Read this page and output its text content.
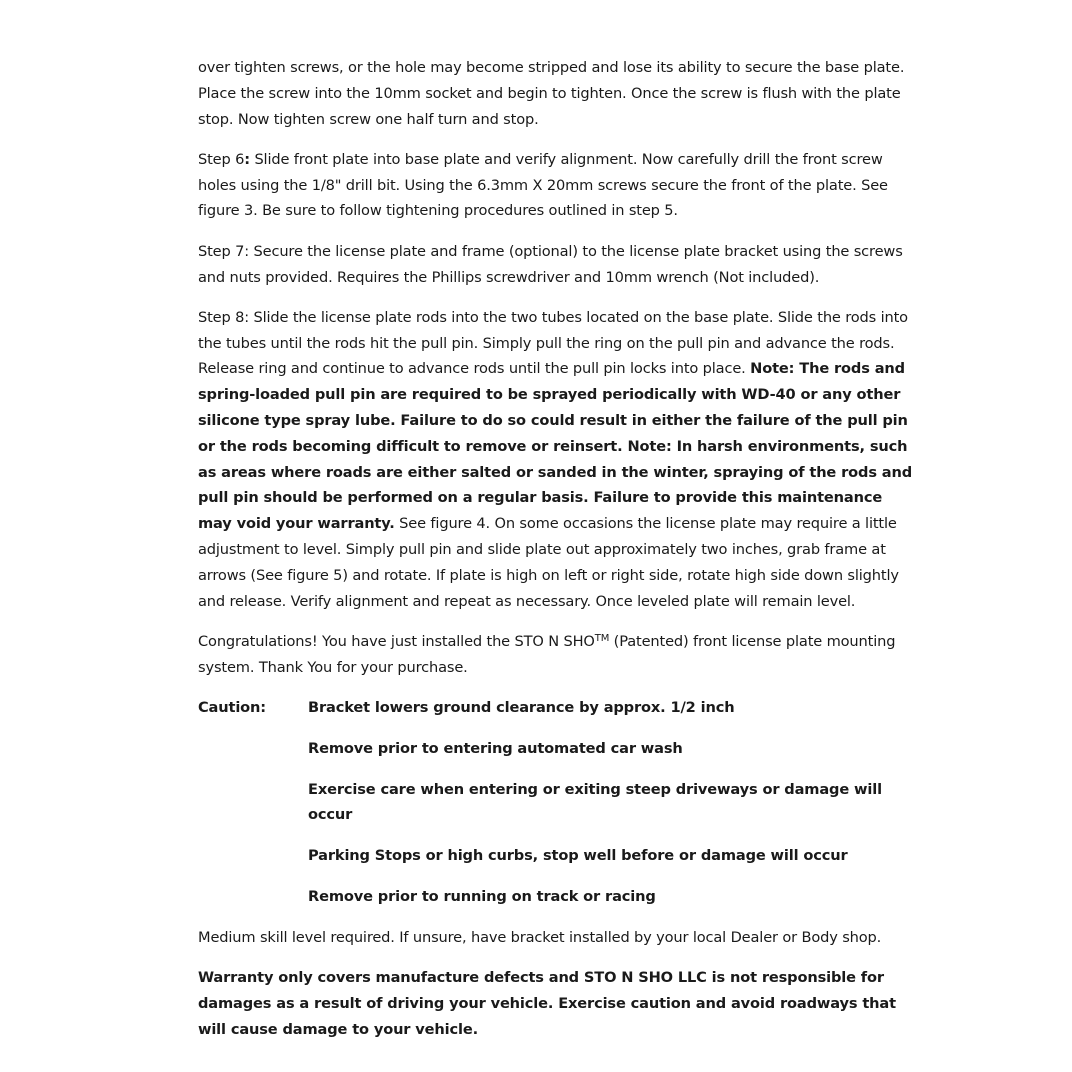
over tighten screws, or the hole may become stripped and lose its ability to secure the base plate. Place the screw into the 10mm socket and begin to tighten. Once the screw is flush with the plate stop. Now tighten screw one half turn and stop.

Step 6: Slide front plate into base plate and verify alignment. Now carefully drill the front screw holes using the 1/8" drill bit. Using the 6.3mm X 20mm screws secure the front of the plate. See figure 3. Be sure to follow tightening procedures outlined in step 5.

Step 7: Secure the license plate and frame (optional) to the license plate bracket using the screws and nuts provided. Requires the Phillips screwdriver and 10mm wrench (Not included).

Step 8: Slide the license plate rods into the two tubes located on the base plate. Slide the rods into the tubes until the rods hit the pull pin. Simply pull the ring on the pull pin and advance the rods. Release ring and continue to advance rods until the pull pin locks into place. Note: The rods and spring-loaded pull pin are required to be sprayed periodically with WD-40 or any other silicone type spray lube. Failure to do so could result in either the failure of the pull pin or the rods becoming difficult to remove or reinsert. Note: In harsh environments, such as areas where roads are either salted or sanded in the winter, spraying of the rods and pull pin should be performed on a regular basis. Failure to provide this maintenance may void your warranty. See figure 4. On some occasions the license plate may require a little adjustment to level. Simply pull pin and slide plate out approximately two inches, grab frame at arrows (See figure 5) and rotate. If plate is high on left or right side, rotate high side down slightly and release. Verify alignment and repeat as necessary. Once leveled plate will remain level.

Congratulations! You have just installed the STO N SHO™ (Patented) front license plate mounting system. Thank You for your purchase.

Caution:	Bracket lowers ground clearance by approx. 1/2 inch
Remove prior to entering automated car wash
Exercise care when entering or exiting steep driveways or damage will occur
Parking Stops or high curbs, stop well before or damage will occur
Remove prior to running on track or racing

Medium skill level required. If unsure, have bracket installed by your local Dealer or Body shop.

Warranty only covers manufacture defects and STO N SHO LLC is not responsible for damages as a result of driving your vehicle. Exercise caution and avoid roadways that will cause damage to your vehicle.
